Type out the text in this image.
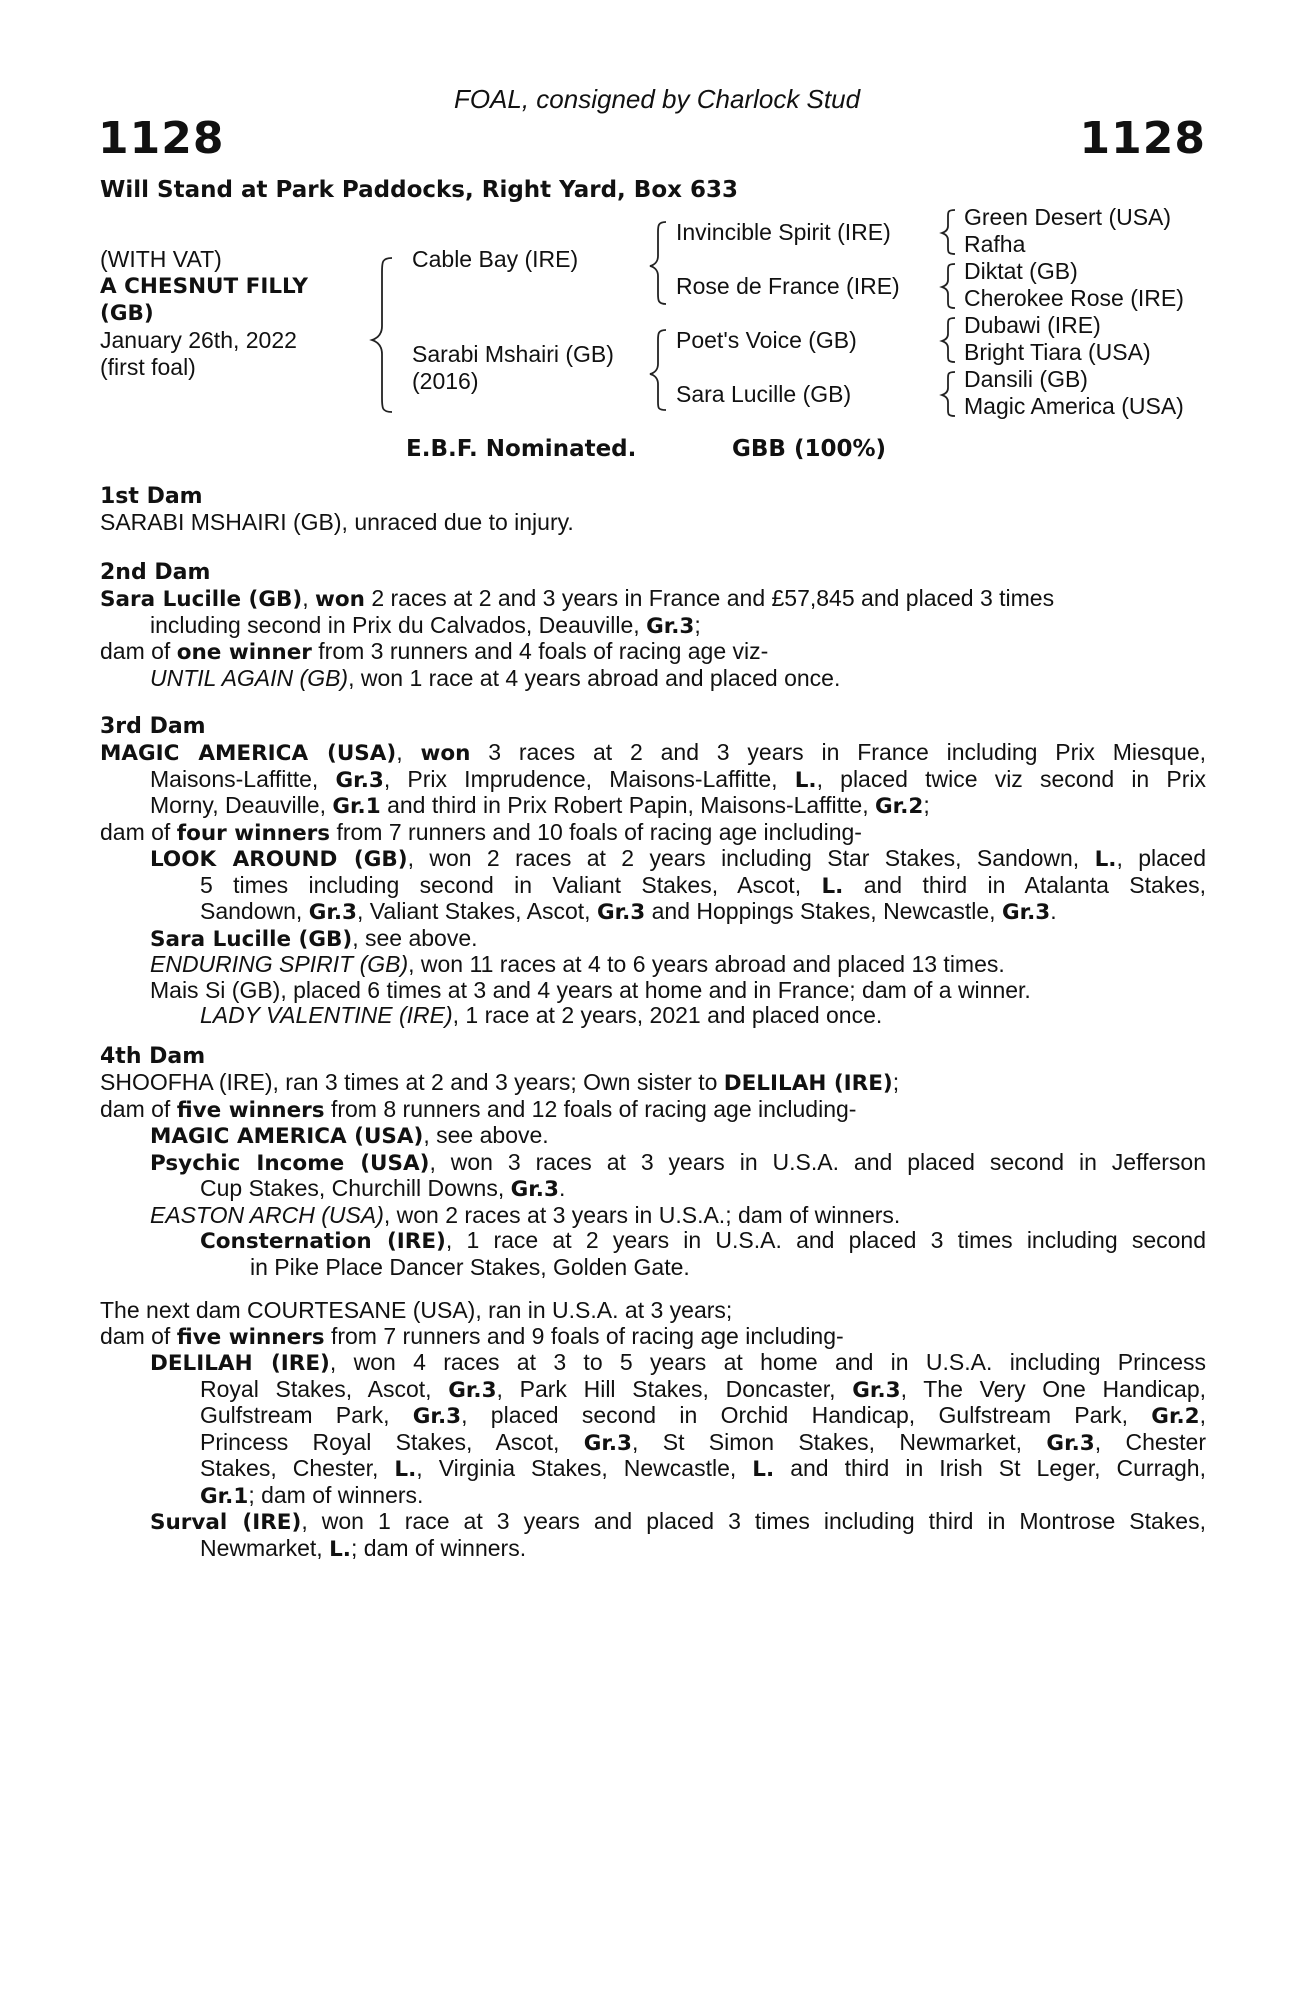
FOAL, consigned by Charlock Stud
1128	1128
Will Stand at Park Paddocks, Right Yard, Box 633
(WITH VAT)
A CHESNUT FILLY
(GB)
January 26th, 2022
(first foal)
Cable Bay (IRE)
Sarabi Mshairi (GB)
(2016)
Invincible Spirit (IRE)
Rose de France (IRE)
Poet's Voice (GB)
Sara Lucille (GB)
Green Desert (USA)
Rafha
Diktat (GB)
Cherokee Rose (IRE)
Dubawi (IRE)
Bright Tiara (USA)
Dansili (GB)
Magic America (USA)
E.B.F. Nominated.	GBB (100%)
1st Dam
SARABI MSHAIRI (GB), unraced due to injury.
2nd Dam
Sara Lucille (GB), won 2 races at 2 and 3 years in France and £57,845 and placed 3 times
including second in Prix du Calvados, Deauville, Gr.3;
dam of one winner from 3 runners and 4 foals of racing age viz-
UNTIL AGAIN (GB), won 1 race at 4 years abroad and placed once.
3rd Dam
MAGIC AMERICA (USA), won 3 races at 2 and 3 years in France including Prix Miesque,
Maisons-Laffitte, Gr.3, Prix Imprudence, Maisons-Laffitte, L., placed twice viz second in Prix
Morny, Deauville, Gr.1 and third in Prix Robert Papin, Maisons-Laffitte, Gr.2;
dam of four winners from 7 runners and 10 foals of racing age including-
LOOK AROUND (GB), won 2 races at 2 years including Star Stakes, Sandown, L., placed
5 times including second in Valiant Stakes, Ascot, L. and third in Atalanta Stakes,
Sandown, Gr.3, Valiant Stakes, Ascot, Gr.3 and Hoppings Stakes, Newcastle, Gr.3.
Sara Lucille (GB), see above.
ENDURING SPIRIT (GB), won 11 races at 4 to 6 years abroad and placed 13 times.
Mais Si (GB), placed 6 times at 3 and 4 years at home and in France; dam of a winner.
LADY VALENTINE (IRE), 1 race at 2 years, 2021 and placed once.
4th Dam
SHOOFHA (IRE), ran 3 times at 2 and 3 years; Own sister to DELILAH (IRE);
dam of five winners from 8 runners and 12 foals of racing age including-
MAGIC AMERICA (USA), see above.
Psychic Income (USA), won 3 races at 3 years in U.S.A. and placed second in Jefferson
Cup Stakes, Churchill Downs, Gr.3.
EASTON ARCH (USA), won 2 races at 3 years in U.S.A.; dam of winners.
Consternation (IRE), 1 race at 2 years in U.S.A. and placed 3 times including second
in Pike Place Dancer Stakes, Golden Gate.
The next dam COURTESANE (USA), ran in U.S.A. at 3 years;
dam of five winners from 7 runners and 9 foals of racing age including-
DELILAH (IRE), won 4 races at 3 to 5 years at home and in U.S.A. including Princess
Royal Stakes, Ascot, Gr.3, Park Hill Stakes, Doncaster, Gr.3, The Very One Handicap,
Gulfstream Park, Gr.3, placed second in Orchid Handicap, Gulfstream Park, Gr.2,
Princess Royal Stakes, Ascot, Gr.3, St Simon Stakes, Newmarket, Gr.3, Chester
Stakes, Chester, L., Virginia Stakes, Newcastle, L. and third in Irish St Leger, Curragh,
Gr.1; dam of winners.
Surval (IRE), won 1 race at 3 years and placed 3 times including third in Montrose Stakes,
Newmarket, L.; dam of winners.
